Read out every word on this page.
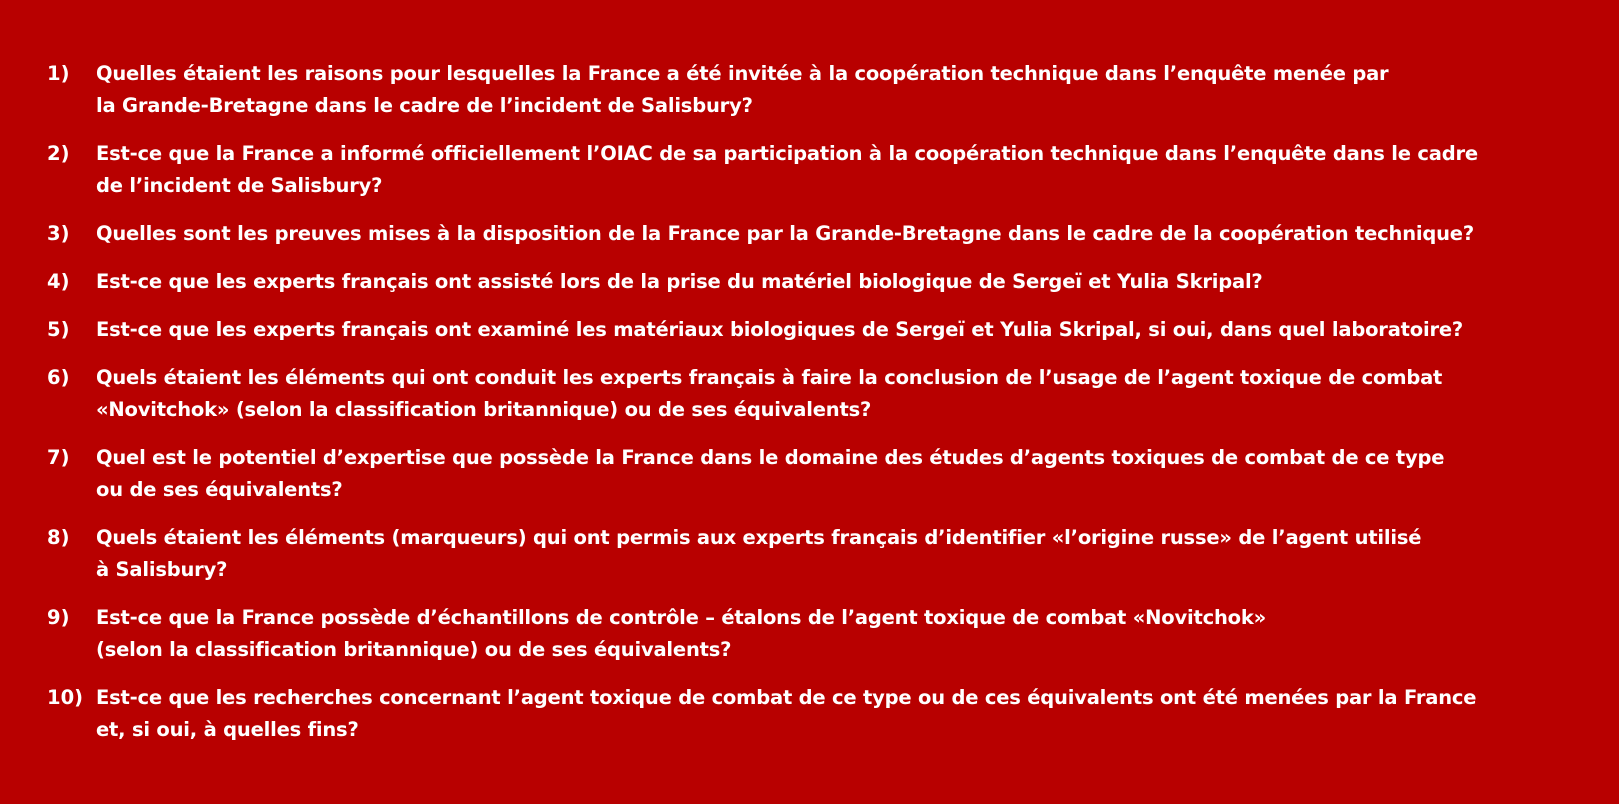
1)	Quelles étaient les raisons pour lesquelles la France a été invitée à la coopération technique dans l’enquête menée par
la Grande-Bretagne dans le cadre de l’incident de Salisbury?
2)	Est-ce que la France a informé officiellement l’OIAC de sa participation à la coopération technique dans l’enquête dans le cadre
de l’incident de Salisbury?
3)	Quelles sont les preuves mises à la disposition de la France par la Grande-Bretagne dans le cadre de la coopération technique?
4)	Est-ce que les experts français ont assisté lors de la prise du matériel biologique de Sergeï et Yulia Skripal?
5)	Est-ce que les experts français ont examiné les matériaux biologiques de Sergeï et Yulia Skripal, si oui, dans quel laboratoire?
6)	Quels étaient les éléments qui ont conduit les experts français à faire la conclusion de l’usage de l’agent toxique de combat
«Novitchok» (selon la classification britannique) ou de ses équivalents?
7)	Quel est le potentiel d’expertise que possède la France dans le domaine des études d’agents toxiques de combat de ce type
ou de ses équivalents?
8)	Quels étaient les éléments (marqueurs) qui ont permis aux experts français d’identifier «l’origine russe» de l’agent utilisé
à Salisbury?
9)	Est-ce que la France possède d’échantillons de contrôle – étalons de l’agent toxique de combat «Novitchok»
(selon la classification britannique) ou de ses équivalents?
10) Est-ce que les recherches concernant l’agent toxique de combat de ce type ou de ces équivalents ont été menées par la France
et, si oui, à quelles fins?
